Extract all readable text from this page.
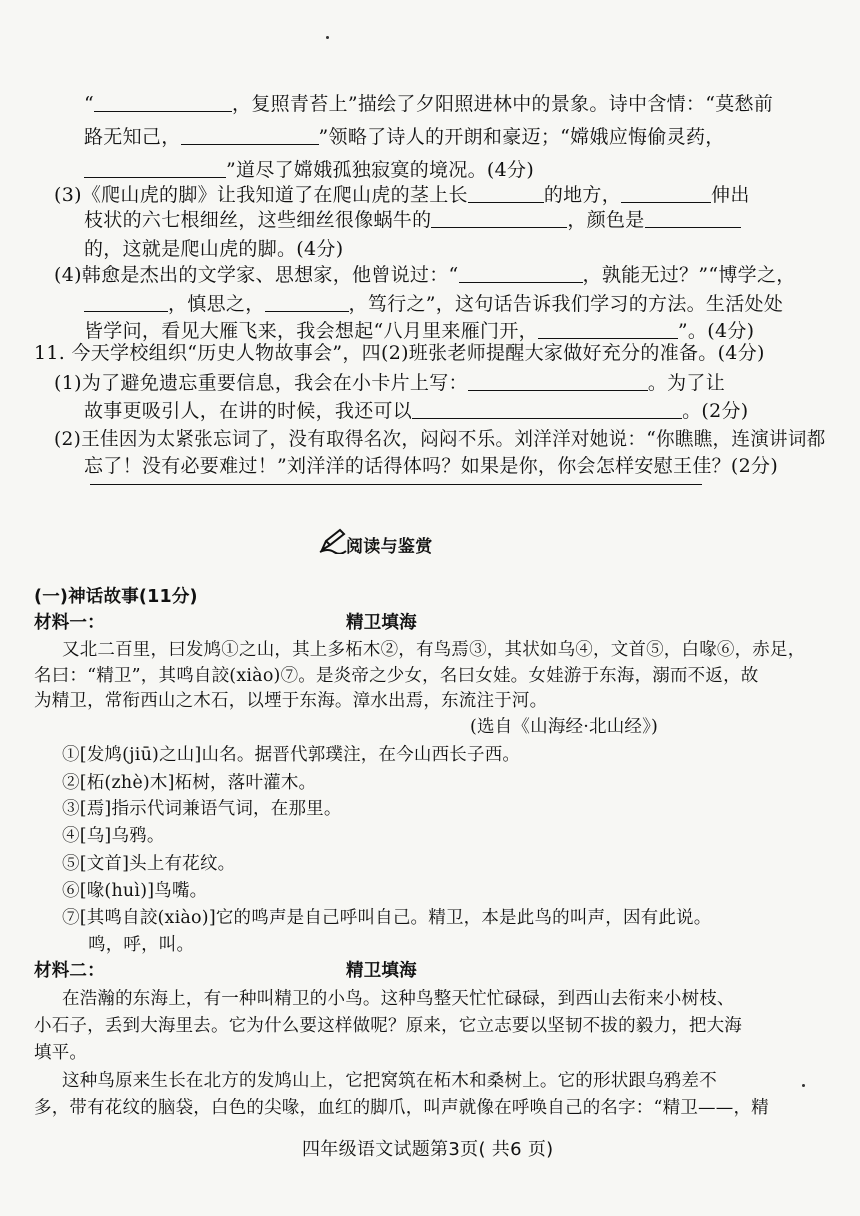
“	，复照青苔上”描绘了夕阳照进林中的景象。诗中含情：“莫愁前
路无知己，	”领略了诗人的开朗和豪迈；“嫦娥应悔偷灵药，
”道尽了嫦娥孤独寂寞的境况。(4分)
(3)《爬山虎的脚》让我知道了在爬山虎的茎上长	的地方，	伸出
枝状的六七根细丝，这些细丝很像蜗牛的	，颜色是
的，这就是爬山虎的脚。(4分)
(4)韩愈是杰出的文学家、思想家，他曾说过：“	，孰能无过？”“博学之，
，慎思之，	，笃行之”，这句话告诉我们学习的方法。生活处处
皆学问，看见大雁飞来，我会想起“八月里来雁门开，	”。(4分)
11. 今天学校组织“历史人物故事会”，四(2)班张老师提醒大家做好充分的准备。(4分)
(1)为了避免遗忘重要信息，我会在小卡片上写：	。为了让
故事更吸引人，在讲的时候，我还可以	。(2分)
(2)王佳因为太紧张忘词了，没有取得名次，闷闷不乐。刘洋洋对她说：“你瞧瞧，连演讲词都
忘了！没有必要难过！”刘洋洋的话得体吗？如果是你，你会怎样安慰王佳？(2分)
阅读与鉴赏
(一)神话故事(11分)
材料一：	精卫填海
又北二百里，曰发鸠①之山，其上多柘木②，有鸟焉③，其状如乌④，文首⑤，白喙⑥，赤足，
名曰：“精卫”，其鸣自詨(xiào)⑦。是炎帝之少女，名曰女娃。女娃游于东海，溺而不返，故
为精卫，常衔西山之木石，以堙于东海。漳水出焉，东流注于河。
(选自《山海经·北山经》)
①[发鸠(jiū)之山]山名。据晋代郭璞注，在今山西长子西。
②[柘(zhè)木]柘树，落叶灌木。
③[焉]指示代词兼语气词，在那里。
④[乌]乌鸦。
⑤[文首]头上有花纹。
⑥[喙(huì)]鸟嘴。
⑦[其鸣自詨(xiào)]它的鸣声是自己呼叫自己。精卫，本是此鸟的叫声，因有此说。
鸣，呼，叫。
材料二：	精卫填海
在浩瀚的东海上，有一种叫精卫的小鸟。这种鸟整天忙忙碌碌，到西山去衔来小树枝、
小石子，丢到大海里去。它为什么要这样做呢？原来，它立志要以坚韧不拔的毅力，把大海
填平。
这种鸟原来生长在北方的发鸠山上，它把窝筑在柘木和桑树上。它的形状跟乌鸦差不
多，带有花纹的脑袋，白色的尖喙，血红的脚爪，叫声就像在呼唤自己的名字：“精卫——，精
四年级语文试题第3页( 共6 页)
